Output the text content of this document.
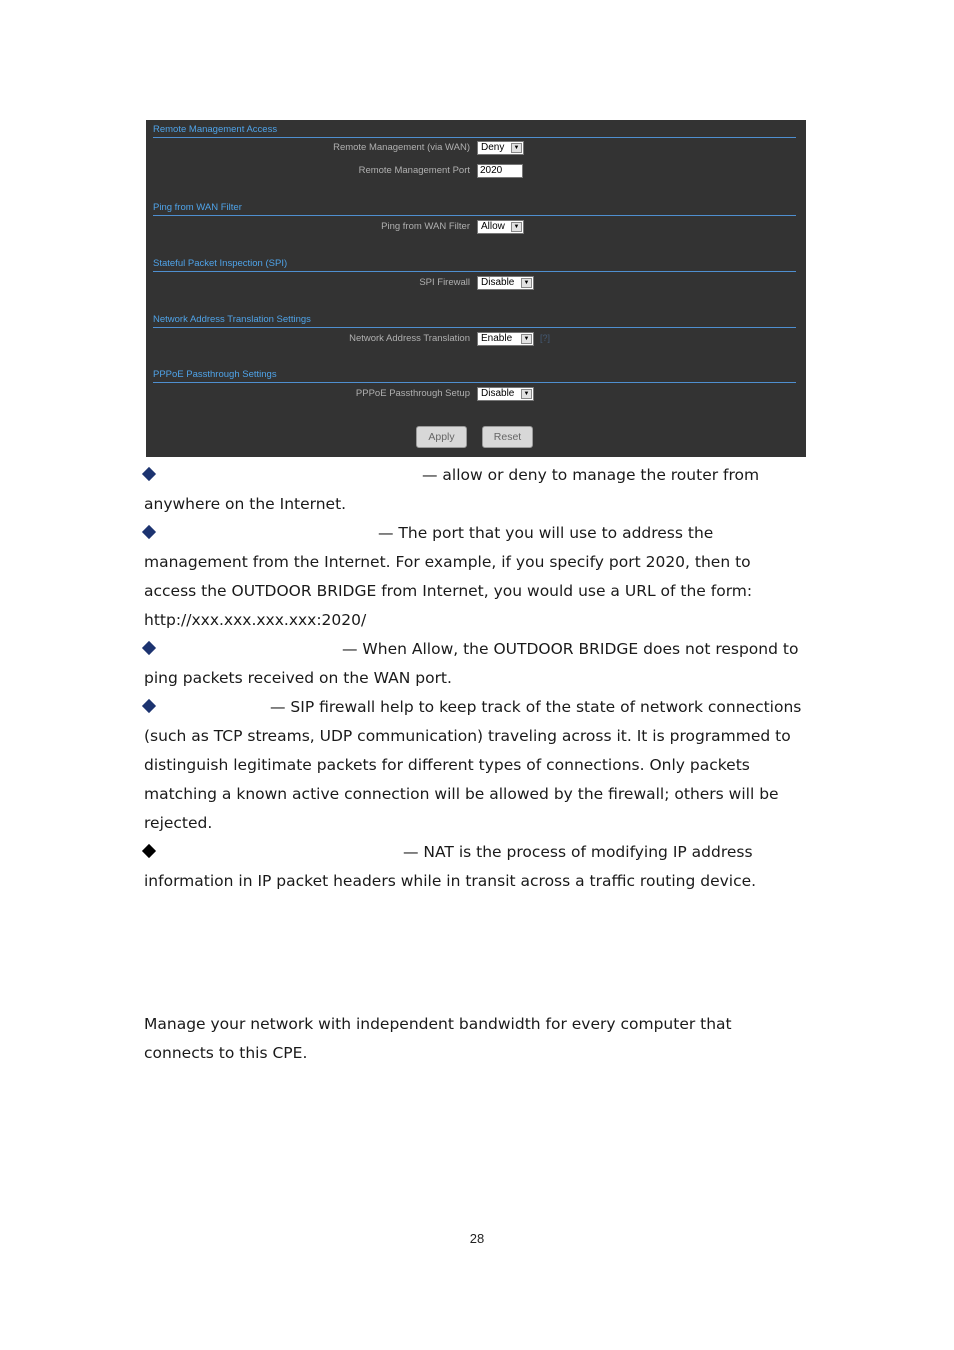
Remote Management Access
Remote Management (via WAN)	Deny	▼
Remote Management Port	2020
Ping from WAN Filter
Ping from WAN Filter	Allow	▼
Stateful Packet Inspection (SPI)
SPI Firewall	Disable	▼
Network Address Translation Settings
Network Address Translation	Enable	▼ [?]
PPPoE Passthrough Settings
PPPoE Passthrough Setup	Disable	▼
Apply	Reset
— allow or deny to manage the router from
anywhere on the Internet.
— The port that you will use to address the
management from the Internet. For example, if you specify port 2020, then to
access the OUTDOOR BRIDGE from Internet, you would use a URL of the form:
http://xxx.xxx.xxx.xxx:2020/
— When Allow, the OUTDOOR BRIDGE does not respond to
ping packets received on the WAN port.
— SIP firewall help to keep track of the state of network connections
(such as TCP streams, UDP communication) traveling across it. It is programmed to
distinguish legitimate packets for different types of connections. Only packets
matching a known active connection will be allowed by the firewall; others will be
rejected.
— NAT is the process of modifying IP address
information in IP packet headers while in transit across a traffic routing device.
Manage your network with independent bandwidth for every computer that
connects to this CPE.
28
